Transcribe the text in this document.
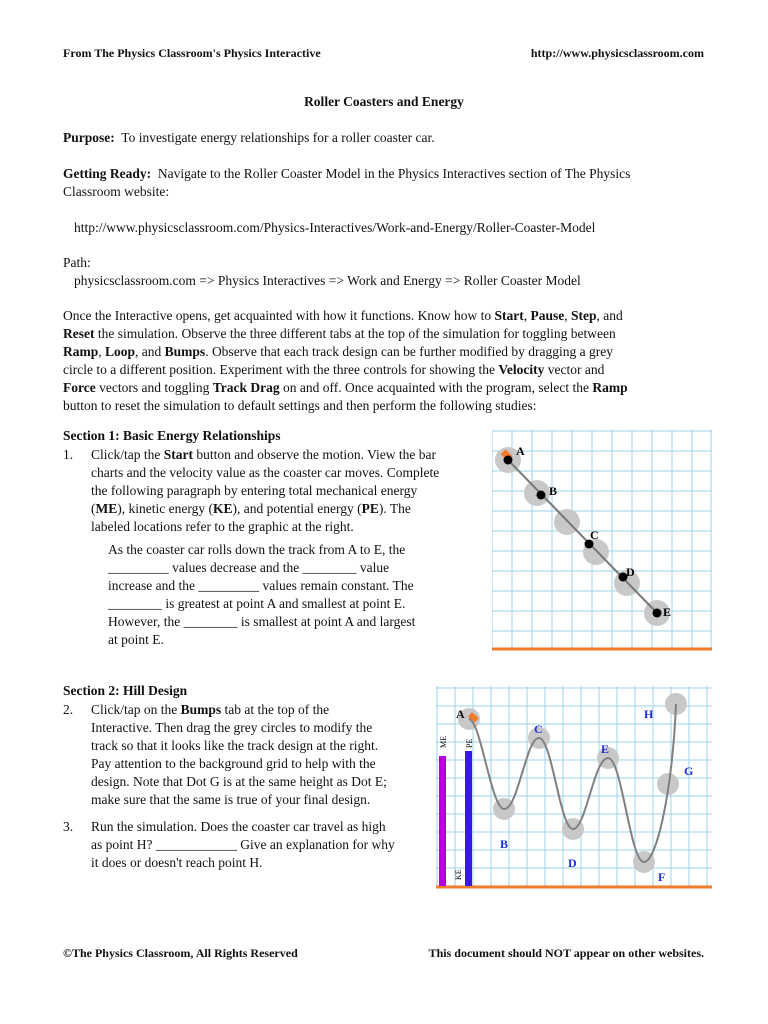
From The Physics Classroom's Physics Interactive	http://www.physicsclassroom.com
Roller Coasters and Energy
Purpose: To investigate energy relationships for a roller coaster car.
Getting Ready: Navigate to the Roller Coaster Model in the Physics Interactives section of The Physics
Classroom website:
http://www.physicsclassroom.com/Physics-Interactives/Work-and-Energy/Roller-Coaster-Model
Path:
physicsclassroom.com => Physics Interactives => Work and Energy => Roller Coaster Model
Once the Interactive opens, get acquainted with how it functions. Know how to Start, Pause, Step, and
Reset the simulation. Observe the three different tabs at the top of the simulation for toggling between
Ramp, Loop, and Bumps. Observe that each track design can be further modified by dragging a grey
circle to a different position. Experiment with the three controls for showing the Velocity vector and
Force vectors and toggling Track Drag on and off. Once acquainted with the program, select the Ramp
button to reset the simulation to default settings and then perform the following studies:
Section 1: Basic Energy Relationships
1. Click/tap the Start button and observe the motion. View the bar
charts and the velocity value as the coaster car moves. Complete
the following paragraph by entering total mechanical energy
(ME), kinetic energy (KE), and potential energy (PE). The
labeled locations refer to the graphic at the right.
As the coaster car rolls down the track from A to E, the
_________ values decrease and the ________ value
increase and the _________ values remain constant. The
________ is greatest at point A and smallest at point E.
However, the ________ is smallest at point A and largest
at point E.
A
B
C
D
E
Section 2: Hill Design
2. Click/tap on the Bumps tab at the top of the
Interactive. Then drag the grey circles to modify the
track so that it looks like the track design at the right.
Pay attention to the background grid to help with the
design. Note that Dot G is at the same height as Dot E;
make sure that the same is true of your final design.
3. Run the simulation. Does the coaster car travel as high
as point H? ____________ Give an explanation for why
it does or doesn't reach point H.
ME PE
KE
A
B
C
D
E
F
G
H
©The Physics Classroom, All Rights Reserved	This document should NOT appear on other websites.
